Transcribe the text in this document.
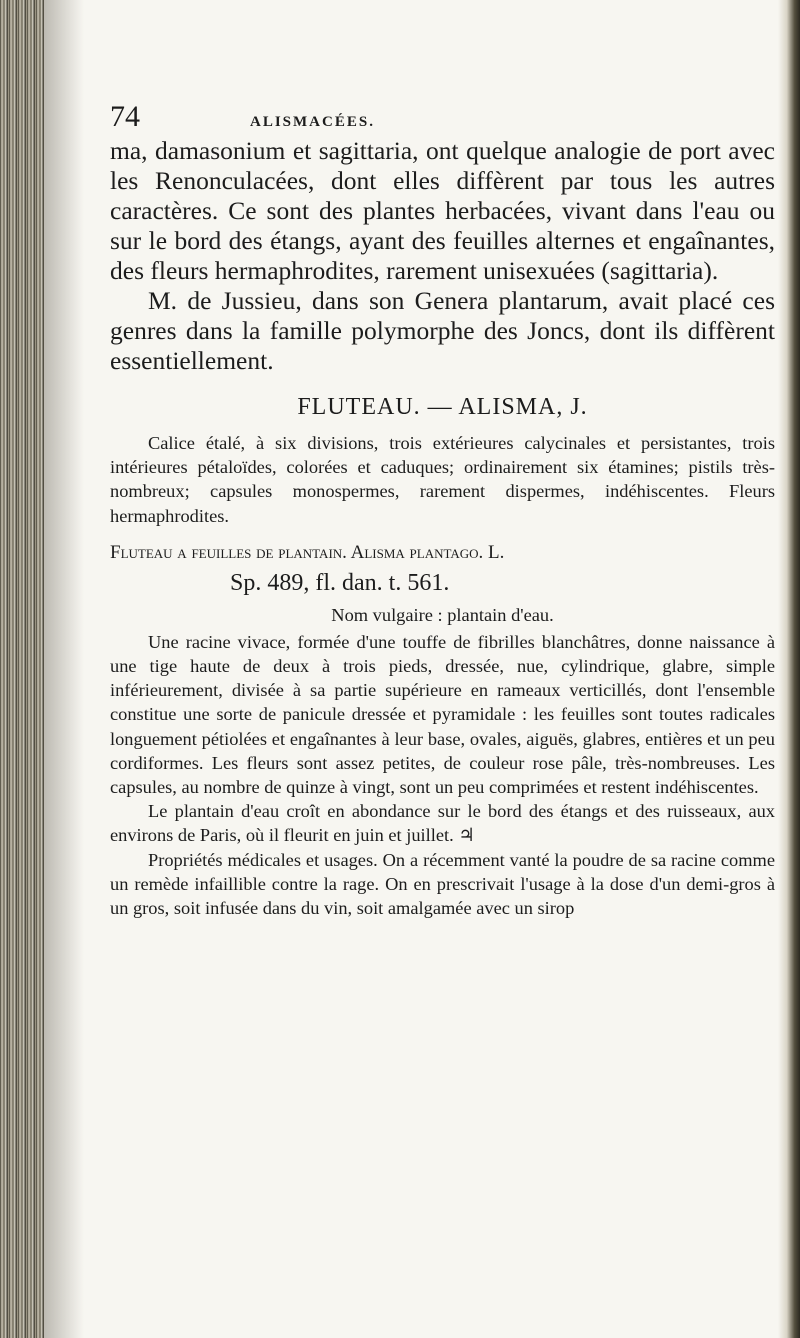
74	ALISMACÉES.

ma, damasonium et sagittaria, ont quelque analogie de port avec les Renonculacées, dont elles diffèrent par tous les autres caractères. Ce sont des plantes herbacées, vivant dans l'eau ou sur le bord des étangs, ayant des feuilles alternes et engaînantes, des fleurs hermaphrodites, rarement unisexuées (sagittaria).

M. de Jussieu, dans son Genera plantarum, avait placé ces genres dans la famille polymorphe des Joncs, dont ils diffèrent essentiellement.

FLUTEAU. — ALISMA, J.

Calice étalé, à six divisions, trois extérieures calycinales et persistantes, trois intérieures pétaloïdes, colorées et caduques; ordinairement six étamines; pistils très-nombreux; capsules monospermes, rarement dispermes, indéhiscentes. Fleurs hermaphrodites.

Fluteau a feuilles de plantain. Alisma plantago. L.
Sp. 489, fl. dan. t. 561.
Nom vulgaire : plantain d'eau.

Une racine vivace, formée d'une touffe de fibrilles blanchâtres, donne naissance à une tige haute de deux à trois pieds, dressée, nue, cylindrique, glabre, simple inférieurement, divisée à sa partie supérieure en rameaux verticillés, dont l'ensemble constitue une sorte de panicule dressée et pyramidale : les feuilles sont toutes radicales longuement pétiolées et engaînantes à leur base, ovales, aiguës, glabres, entières et un peu cordiformes. Les fleurs sont assez petites, de couleur rose pâle, très-nombreuses. Les capsules, au nombre de quinze à vingt, sont un peu comprimées et restent indéhiscentes.

Le plantain d'eau croît en abondance sur le bord des étangs et des ruisseaux, aux environs de Paris, où il fleurit en juin et juillet. ♃

Propriétés médicales et usages. On a récemment vanté la poudre de sa racine comme un remède infaillible contre la rage. On en prescrivait l'usage à la dose d'un demi-gros à un gros, soit infusée dans du vin, soit amalgamée avec un sirop
